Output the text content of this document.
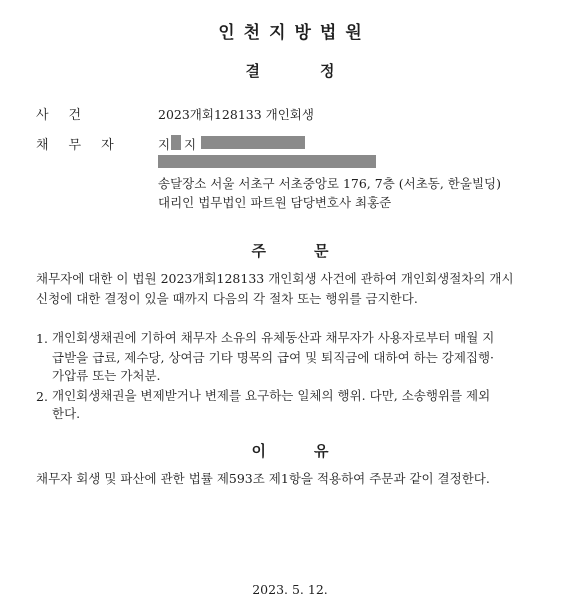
인천지방법원
결	정
사건	2023개회128133 개인회생
채무자 지 지
송달장소 서울 서초구 서초중앙로 176, 7층 (서초동, 한울빌딩)
대리인 법무법인 파트원 담당변호사 최홍준
주	문
채무자에 대한 이 법원 2023개회128133 개인회생 사건에 관하여 개인회생절차의 개시
신청에 대한 결정이 있을 때까지 다음의 각 절차 또는 행위를 금지한다.
1. 개인회생채권에 기하여 채무자 소유의 유체동산과 채무자가 사용자로부터 매월 지
급받을 급료, 제수당, 상여금 기타 명목의 급여 및 퇴직금에 대하여 하는 강제집행·
가압류 또는 가처분.
2. 개인회생채권을 변제받거나 변제를 요구하는 일체의 행위. 다만, 소송행위를 제외
한다.
이	유
채무자 회생 및 파산에 관한 법률 제593조 제1항을 적용하여 주문과 같이 결정한다.
2023. 5. 12.
